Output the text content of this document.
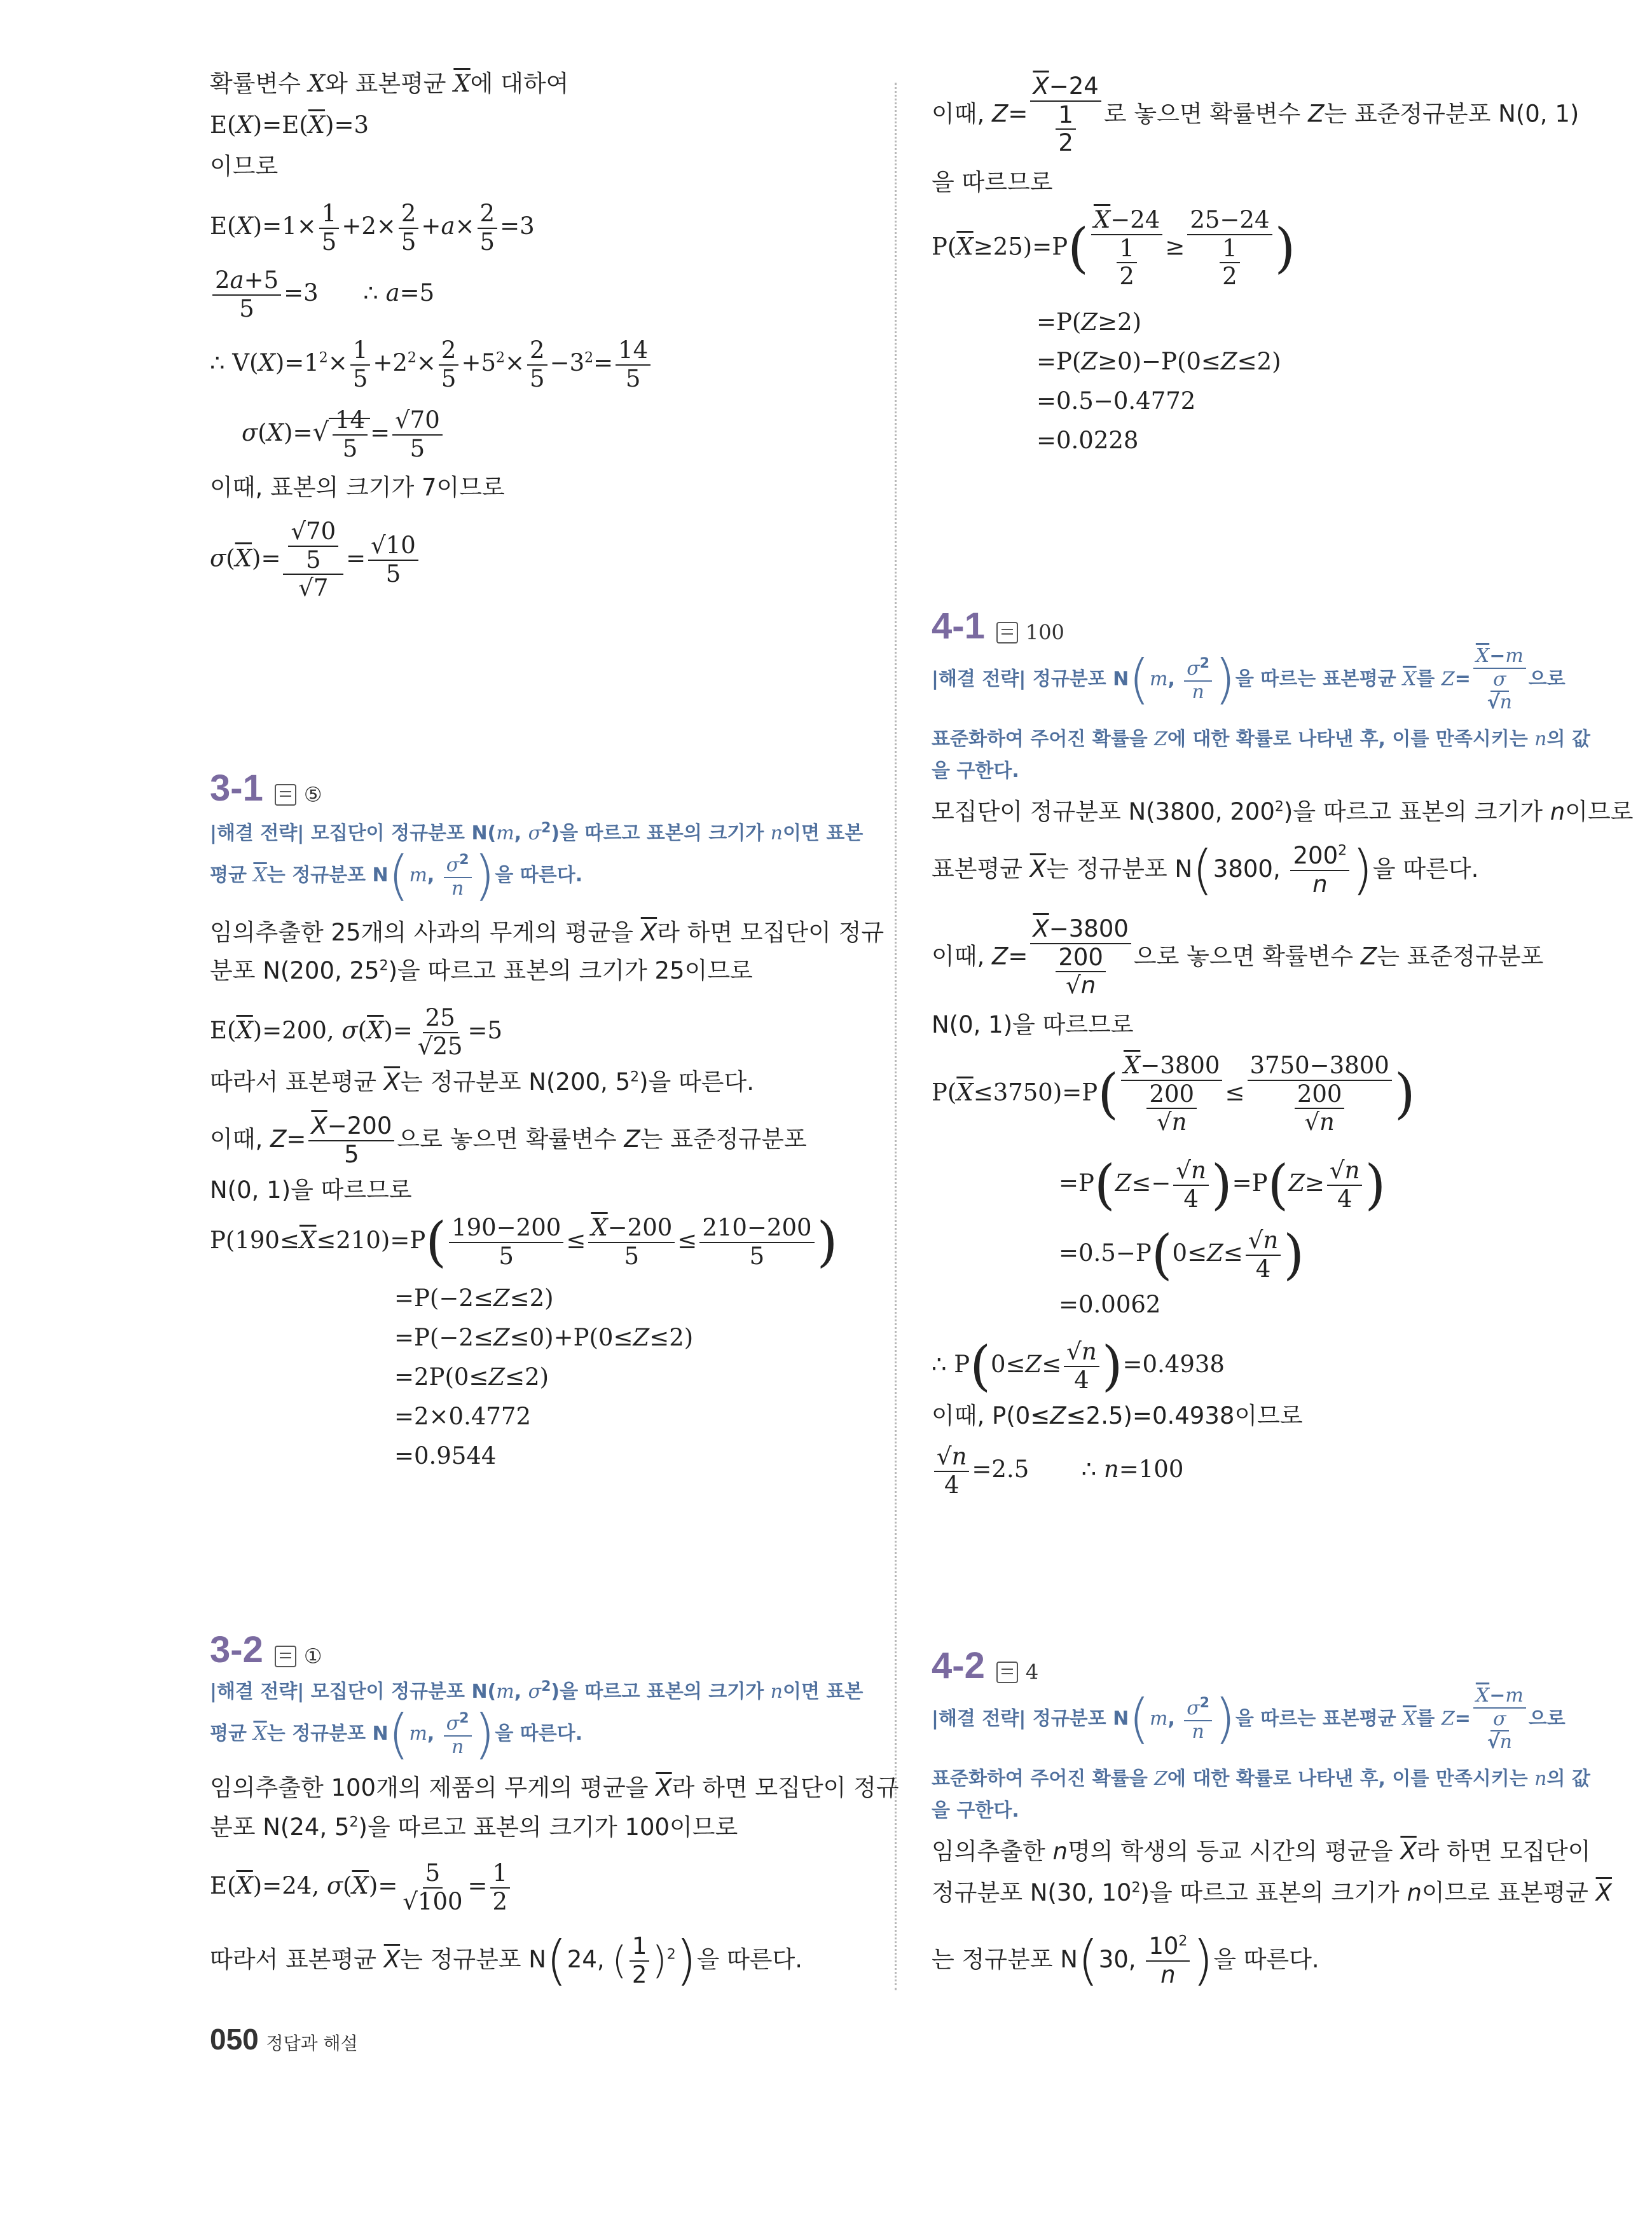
확률변수 X와 표본평균 $\overline{X}$에 대하여
$E(X)=E(\overline{X})=3$
이므로
$E(X)=1\times \frac{1}{5} +2\times \frac{2}{5} +a\times \frac{2}{5} =3$
$\frac{2a+5}{5} =3$      ∴ a=5
∴ $V(X)=1^2\times \frac{1}{5} +2^2\times \frac{2}{5} +5^2\times \frac{2}{5} -3^2= \frac{14}{5}$
$\sigma(X)=√ \frac{14}{5} = \frac{√70}{5}$
이때, 표본의 크기가 7이므로
$\sigma(\overline{X})= \frac{\frac{√70}{5}}{√7} = \frac{√10}{5}$
3-1 ⑤
|해결 전략| 모집단이 정규분포 N(m, $\sigma^2$)을 따르고 표본의 크기가 n이면 표본
평균 $\overline{X}$는 정규분포 N(m, $\frac{\sigma^2}{n}$ )을 따른다.
임의추출한 25개의 사과의 무게의 평균을 $\overline{X}$라 하면 모집단이 정규
분포 N(200, $25^2$)을 따르고 표본의 크기가 25이므로
$E(\overline{X})=200$, $\sigma(\overline{X})= \frac{25}{√25} =5$
따라서 표본평균 $\overline{X}$는 정규분포 N(200, $5^2$)을 따른다.
이때, $Z= \frac{\overline{X}-200}{5}$ 으로 놓으면 확률변수 Z는 표준정규분포
N(0, 1)을 따르므로
$P(190\le\overline{X}\le 210)=P( \frac{190-200}{5} \le \frac{\overline{X}-200}{5} \le \frac{210-200}{5}$ )
=P(−2≤Z≤2)
=P(−2≤Z≤0)+P(0≤Z≤2)
=2P(0≤Z≤2)
=2×0.4772
=0.9544
3-2 ①
|해결 전략| 모집단이 정규분포 N(m, $\sigma^2$)을 따르고 표본의 크기가 n이면 표본
평균 $\overline{X}$는 정규분포 N(m, $\frac{\sigma^2}{n}$ )을 따른다.
임의추출한 100개의 제품의 무게의 평균을 $\overline{X}$라 하면 모집단이 정규
분포 N(24, $5^2$)을 따르고 표본의 크기가 100이므로
$E(\overline{X})=24$, $\sigma(\overline{X})= \frac{5}{√100} = \frac{1}{2}$
따라서 표본평균 $\overline{X}$는 정규분포 N(24, ( $\frac{1}{2} )^2$)을 따른다.
이때, $Z= \frac{\overline{X}-24}{\frac{1}{2}}$ 로 놓으면 확률변수 Z는 표준정규분포 N(0, 1)
을 따르므로
$P(\overline{X}\ge 25)=P( \frac{\overline{X}-24}{\frac{1}{2}} \ge \frac{25-24}{\frac{1}{2}}$ )
=P(Z≥2)
=P(Z≥0)−P(0≤Z≤2)
=0.5−0.4772
=0.0228
4-1 100
|해결 전략| 정규분포 N(m, $\frac{\sigma^2}{n}$ )을 따르는 표본평균 $\overline{X}$를 $Z= \frac{\overline{X}-m}{\frac{\sigma}{√n}}$ 으로
표준화하여 주어진 확률을 Z에 대한 확률로 나타낸 후, 이를 만족시키는 n의 값
을 구한다.
모집단이 정규분포 N(3800, $200^2$)을 따르고 표본의 크기가 n이므로
표본평균 $\overline{X}$는 정규분포 N(3800, $\frac{200^2}{n}$ )을 따른다.
이때, $Z= \frac{\overline{X}-3800}{\frac{200}{√n}}$ 으로 놓으면 확률변수 Z는 표준정규분포
N(0, 1)을 따르므로
$P(\overline{X}\le 3750)=P( \frac{\overline{X}-3800}{\frac{200}{√n}} \le \frac{3750-3800}{\frac{200}{√n}}$ )
$=P(Z\le- \frac{√n}{4} )=P(Z\ge \frac{√n}{4}$ )
$=0.5-P(0\le Z\le \frac{√n}{4}$ )
=0.0062
∴ $P(0\le Z\le \frac{√n}{4} )=0.4938$
이때, P(0≤Z≤2.5)=0.4938이므로
$\frac{√n}{4} =2.5$       ∴ n=100
4-2 4
|해결 전략| 정규분포 N(m, $\frac{\sigma^2}{n}$ )을 따르는 표본평균 $\overline{X}$를 $Z= \frac{\overline{X}-m}{\frac{\sigma}{√n}}$ 으로
표준화하여 주어진 확률을 Z에 대한 확률로 나타낸 후, 이를 만족시키는 n의 값
을 구한다.
임의추출한 n명의 학생의 등교 시간의 평균을 $\overline{X}$라 하면 모집단이
정규분포 N(30, $10^2$)을 따르고 표본의 크기가 n이므로 표본평균 $\overline{X}$
는 정규분포 N(30, $\frac{10^2}{n}$ )을 따른다.
050 정답과 해설
